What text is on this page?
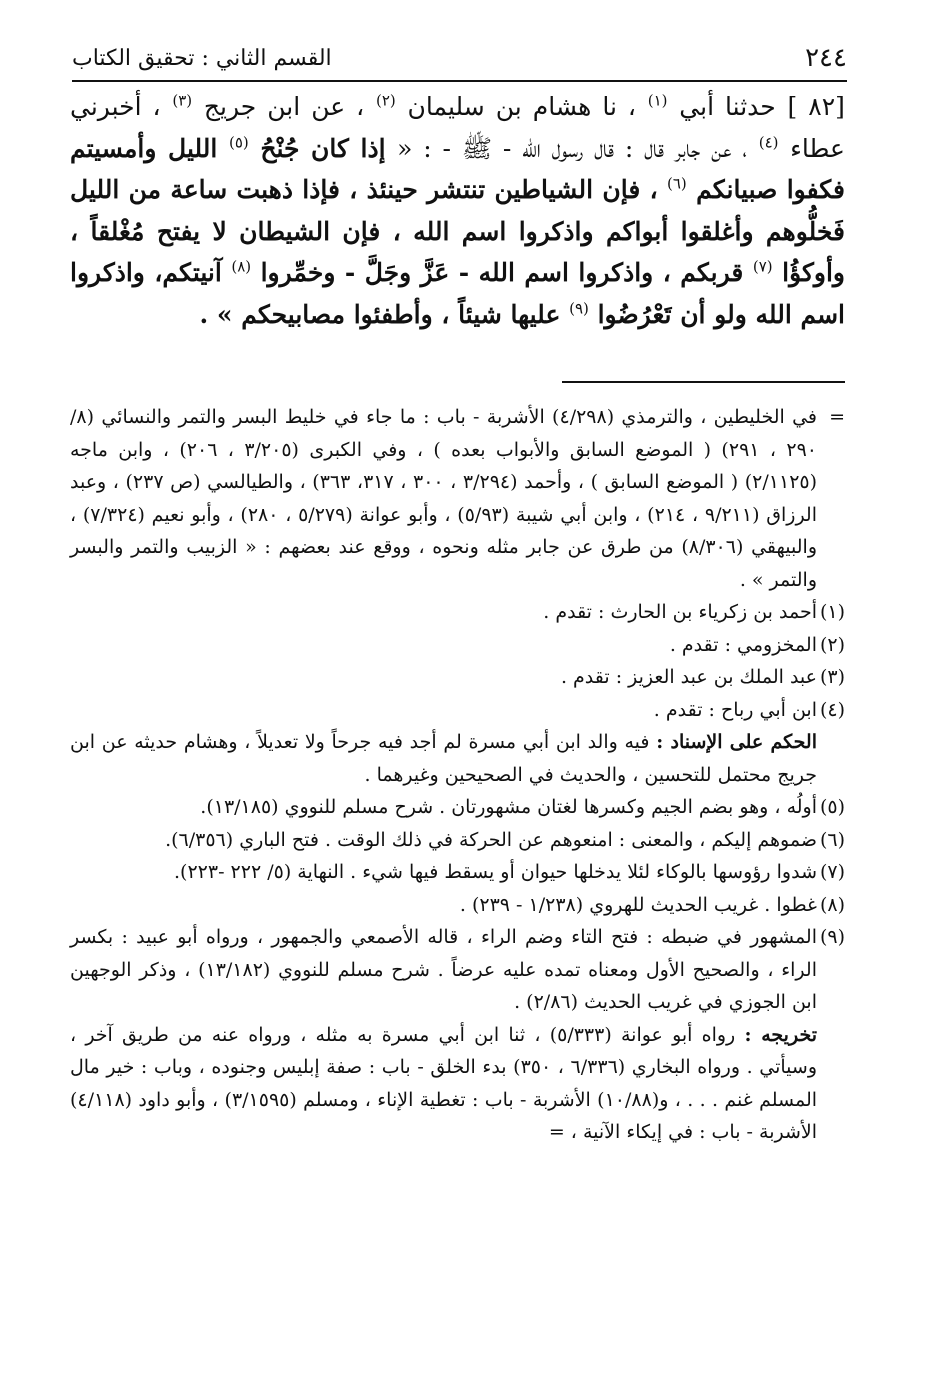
٢٤٤
القسم الثاني : تحقيق الكتاب
[٨٢ ] حدثنا أبي $^{(١)}$ ، نا هشام بن سليمان $^{(٢)}$ ، عن ابن جريج $^{(٣)}$ ، أخبرني عطاء $^{(٤)}$ ، عن جابر قال : قال رسول الله - ﷺ - : « إذا كان جُنْحُ $^{(٥)}$ الليل وأمسيتم فكفوا صبيانكم $^{(٦)}$ ، فإن الشياطين تنتشر حينئذ ، فإذا ذهبت ساعة من الليل فَخلُّوهم وأغلقوا أبواكم واذكروا اسم الله ، فإن الشيطان لا يفتح مُغْلقاً ، وأوكؤُا $^{(٧)}$ قربكم ، واذكروا اسم الله - عَزَّ وجَلَّ - وخمِّروا $^{(٨)}$ آنيتكم، واذكروا اسم الله ولو أن تَعْرُضُوا $^{(٩)}$ عليها شيئاً ، وأطفئوا مصابيحكم » .
=
في الخليطين ، والترمذي (٤/٢٩٨) الأشربة - باب : ما جاء في خليط البسر والتمر والنسائي (٨/ ٢٩٠ ، ٢٩١) ( الموضع السابق والأبواب بعده ) ، وفي الكبرى (٣/٢٠٥ ، ٢٠٦) ، وابن ماجه (٢/١١٢٥) ( الموضع السابق ) ، وأحمد (٣/٢٩٤ ، ٣٠٠ ، ٣١٧، ٣٦٣) ، والطيالسي (ص ٢٣٧) ، وعبد الرزاق (٩/٢١١ ، ٢١٤) ، وابن أبي شيبة (٥/٩٣) ، وأبو عوانة (٥/٢٧٩ ، ٢٨٠) ، وأبو نعيم (٧/٣٢٤) ، والبيهقي (٨/٣٠٦) من طرق عن جابر مثله ونحوه ، ووقع عند بعضهم : « الزبيب والتمر والبسر والتمر » .
(١)
أحمد بن زكرياء بن الحارث : تقدم .
(٢)
المخزومي : تقدم .
(٣)
عبد الملك بن عبد العزيز : تقدم .
(٤)
ابن أبي رباح : تقدم .
الحكم على الإسناد : فيه والد ابن أبي مسرة لم أجد فيه جرحاً ولا تعديلاً ، وهشام حديثه عن ابن جريج محتمل للتحسين ، والحديث في الصحيحين وغيرهما .
(٥)
أولُه ، وهو بضم الجيم وكسرها لغتان مشهورتان . شرح مسلم للنووي (١٣/١٨٥).
(٦)
ضموهم إليكم ، والمعنى : امنعوهم عن الحركة في ذلك الوقت . فتح الباري (٦/٣٥٦).
(٧)
شدوا رؤوسها بالوكاء لئلا يدخلها حيوان أو يسقط فيها شيء . النهاية (٥/ ٢٢٢ -٢٢٣).
(٨)
غطوا . غريب الحديث للهروي (١/٢٣٨ - ٢٣٩) .
(٩)
المشهور في ضبطه : فتح التاء وضم الراء ، قاله الأصمعي والجمهور ، ورواه أبو عبيد : بكسر الراء ، والصحيح الأول ومعناه تمده عليه عرضاً . شرح مسلم للنووي (١٣/١٨٢) ، وذكر الوجهين ابن الجوزي في غريب الحديث (٢/٨٦) .
تخريجه : رواه أبو عوانة (٥/٣٣٣) ، ثنا ابن أبي مسرة به مثله ، ورواه عنه من طريق آخر ، وسيأتي . ورواه البخاري (٦/٣٣٦ ، ٣٥٠) بدء الخلق - باب : صفة إبليس وجنوده ، وباب : خير مال المسلم غنم . . . ، و(١٠/٨٨) الأشربة - باب : تغطية الإناء ، ومسلم (٣/١٥٩٥) ، وأبو داود (٤/١١٨) الأشربة - باب : في إيكاء الآنية ، =
